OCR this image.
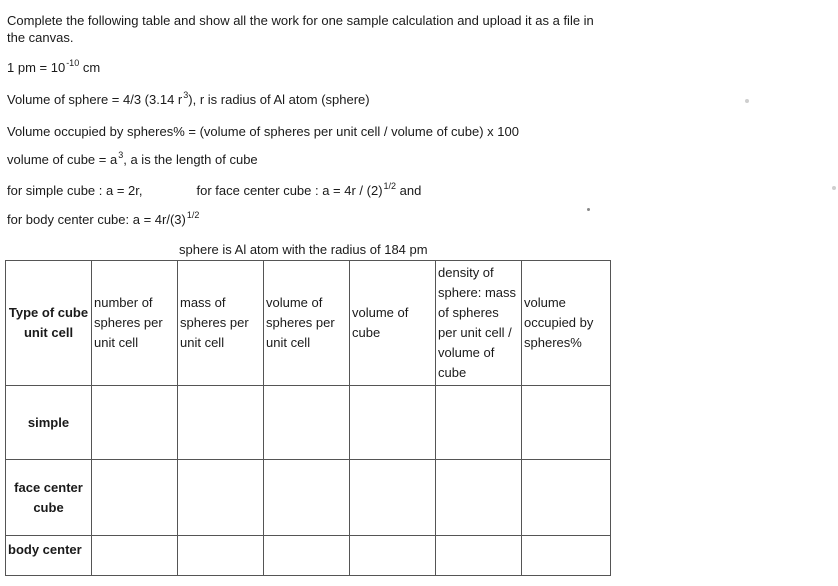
Complete the following table and show all the work for one sample calculation and upload it as a file in
the canvas.
1 pm = $10^{-10}$ cm
Volume of sphere = 4/3 (3.14 $r^3$), r is radius of Al atom (sphere)
Volume occupied by spheres% = (volume of spheres per unit cell / volume of cube) x 100
volume of cube = $a^3$, a is the length of cube
for simple cube : a = 2r,	for face center cube : $a = 4r / (2)^{1/2}$ and
for body center cube: $a = 4r/(3)^{1/2}$
sphere is Al atom with the radius of 184 pm
Type of cube unit cell	number of spheres per unit cell	mass of spheres per unit cell	volume of spheres per unit cell	volume of cube	density of sphere: mass of spheres per unit cell / volume of cube	volume occupied by spheres%
simple						
face center cube						
body center						
